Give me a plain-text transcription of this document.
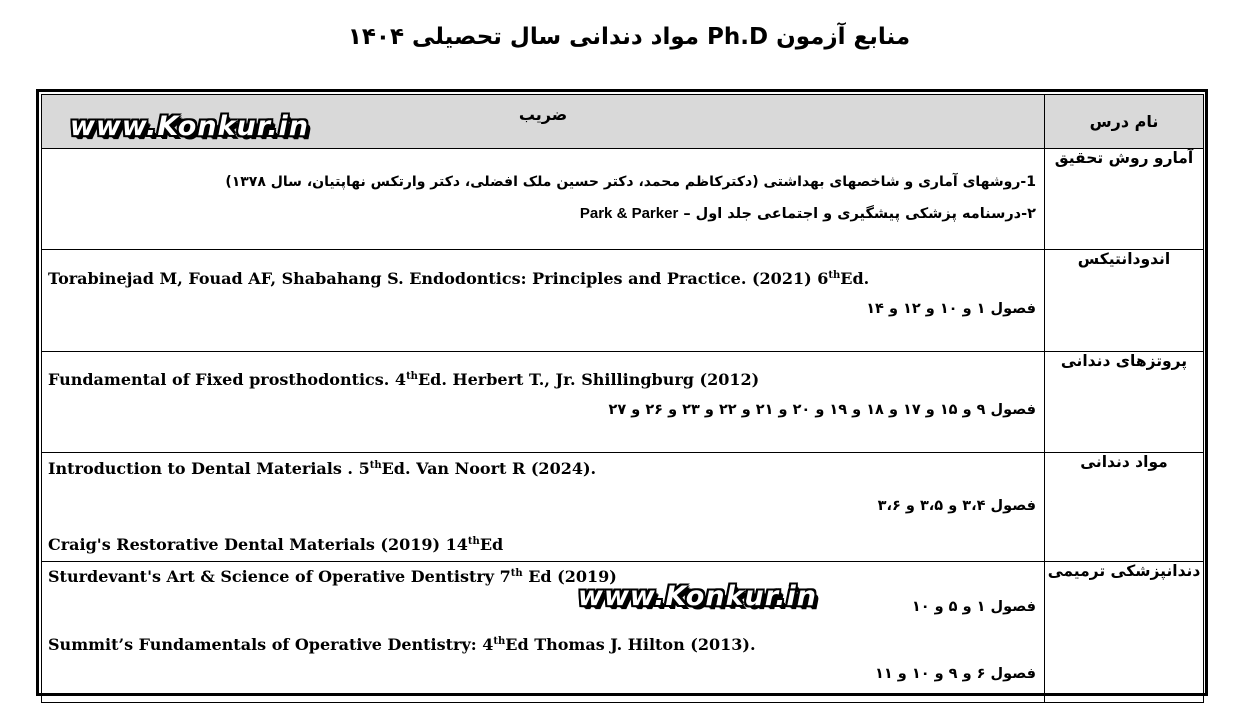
منابع آزمون Ph.D مواد دندانی سال تحصیلی ۱۴۰۴
ضریب	نام درس

1-روشهای آماری و شاخصهای بهداشتی (دکترکاظم محمد، دکتر حسین ملک افضلی، دکتر وارتکس نهاپتیان، سال ۱۳۷۸)
۲-درسنامه پزشکی پیشگیری و اجتماعی جلد اول – Park & Parker	آمارو روش تحقیق

Torabinejad M, Fouad AF, Shabahang S. Endodontics: Principles and Practice. (2021) 6thEd.
فصول ۱ و ۱۰ و ۱۲ و ۱۴	اندودانتیکس

Fundamental of Fixed prosthodontics. 4thEd. Herbert T., Jr. Shillingburg (2012)
فصول ۹ و ۱۵ و ۱۷ و ۱۸ و ۱۹ و ۲۰ و ۲۱ و ۲۲ و ۲۳ و ۲۶ و ۲۷	پروتزهای دندانی

Introduction to Dental Materials . 5thEd. Van Noort R (2024).
فصول ۳،۴ و ۳،۵ و ۳،۶
Craig's Restorative Dental Materials (2019) 14thEd	مواد دندانی

Sturdevant's Art & Science of Operative Dentistry 7th Ed (2019)
فصول ۱ و ۵ و ۱۰
Summit’s Fundamentals of Operative Dentistry: 4thEd Thomas J. Hilton (2013).
فصول ۶ و ۹ و ۱۰ و ۱۱	دندانپزشکی ترمیمی
www.Konkur.in
www.Konkur.in
